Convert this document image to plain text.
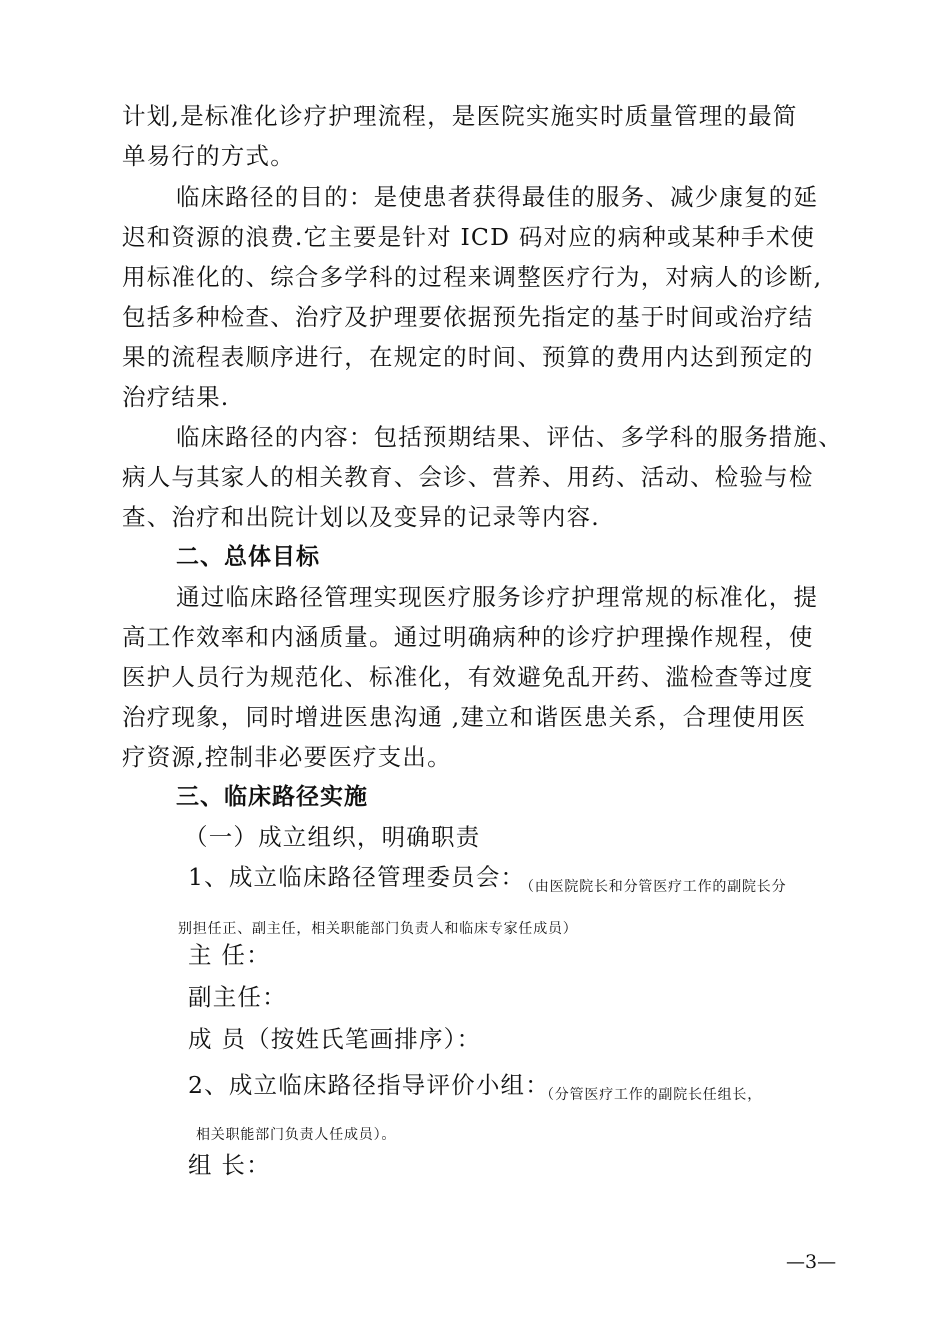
计划,是标准化诊疗护理流程，是医院实施实时质量管理的最简
单易行的方式。
临床路径的目的：是使患者获得最佳的服务、减少康复的延
迟和资源的浪费.它主要是针对 ICD 码对应的病种或某种手术使
用标准化的、综合多学科的过程来调整医疗行为，对病人的诊断,
包括多种检查、治疗及护理要依据预先指定的基于时间或治疗结
果的流程表顺序进行，在规定的时间、预算的费用内达到预定的
治疗结果.
临床路径的内容：包括预期结果、评估、多学科的服务措施、
病人与其家人的相关教育、会诊、营养、用药、活动、检验与检
查、治疗和出院计划以及变异的记录等内容.
二、总体目标
通过临床路径管理实现医疗服务诊疗护理常规的标准化，提
高工作效率和内涵质量。通过明确病种的诊疗护理操作规程，使
医护人员行为规范化、标准化，有效避免乱开药、滥检查等过度
治疗现象，同时增进医患沟通 ,建立和谐医患关系，合理使用医
疗资源,控制非必要医疗支出。
三、临床路径实施
（一）成立组织，明确职责
1、成立临床路径管理委员会：
（由医院院长和分管医疗工作的副院长分
别担任正、副主任，相关职能部门负责人和临床专家任成员）
主 任：
副主任：
成 员（按姓氏笔画排序）：
2、成立临床路径指导评价小组：
（分管医疗工作的副院长任组长，
相关职能部门负责人任成员）。
组 长：
—3—
